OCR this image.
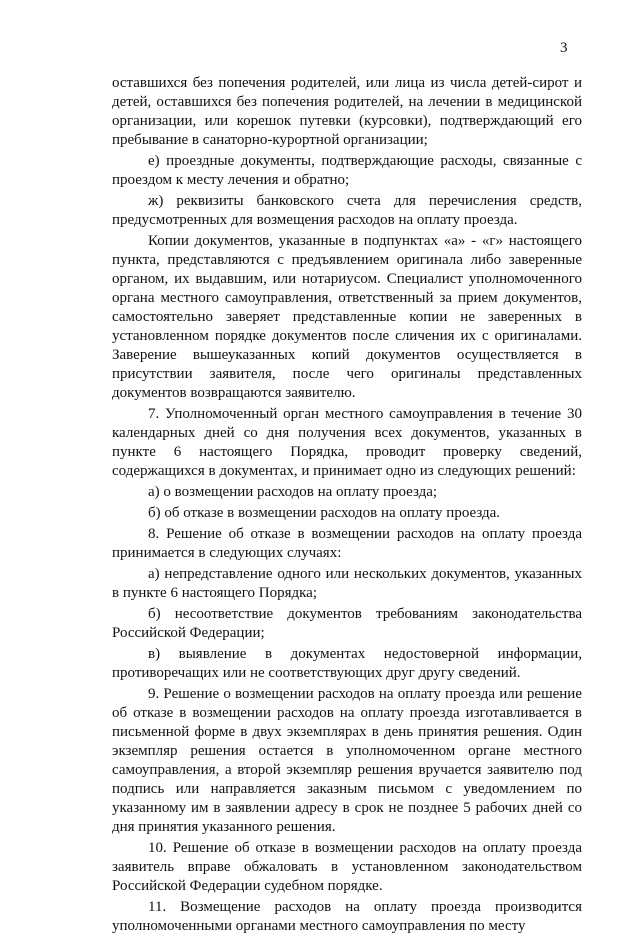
3

оставшихся без попечения родителей, или лица из числа детей-сирот и детей, оставшихся без попечения родителей, на лечении в медицинской организации, или корешок путевки (курсовки), подтверждающий его пребывание в санаторно-курортной организации;

е) проездные документы, подтверждающие расходы, связанные с проездом к месту лечения и обратно;

ж) реквизиты банковского счета для перечисления средств, предусмотренных для возмещения расходов на оплату проезда.

Копии документов, указанные в подпунктах «а» - «г» настоящего пункта, представляются с предъявлением оригинала либо заверенные органом, их выдавшим, или нотариусом. Специалист уполномоченного органа местного самоуправления, ответственный за прием документов, самостоятельно заверяет представленные копии не заверенных в установленном порядке документов после сличения их с оригиналами. Заверение вышеуказанных копий документов осуществляется в присутствии заявителя, после чего оригиналы представленных документов возвращаются заявителю.

7. Уполномоченный орган местного самоуправления в течение 30 календарных дней со дня получения всех документов, указанных в пункте 6 настоящего Порядка, проводит проверку сведений, содержащихся в документах, и принимает одно из следующих решений:

а) о возмещении расходов на оплату проезда;

б) об отказе в возмещении расходов на оплату проезда.

8. Решение об отказе в возмещении расходов на оплату проезда принимается в следующих случаях:

а) непредставление одного или нескольких документов, указанных в пункте 6 настоящего Порядка;

б) несоответствие документов требованиям законодательства Российской Федерации;

в) выявление в документах недостоверной информации, противоречащих или не соответствующих друг другу сведений.

9. Решение о возмещении расходов на оплату проезда или решение об отказе в возмещении расходов на оплату проезда изготавливается в письменной форме в двух экземплярах в день принятия решения. Один экземпляр решения остается в уполномоченном органе местного самоуправления, а второй экземпляр решения вручается заявителю под подпись или направляется заказным письмом с уведомлением по указанному им в заявлении адресу в срок не позднее 5 рабочих дней со дня принятия указанного решения.

10. Решение об отказе в возмещении расходов на оплату проезда заявитель вправе обжаловать в установленном законодательством Российской Федерации судебном порядке.

11. Возмещение расходов на оплату проезда производится уполномоченными органами местного самоуправления по месту
